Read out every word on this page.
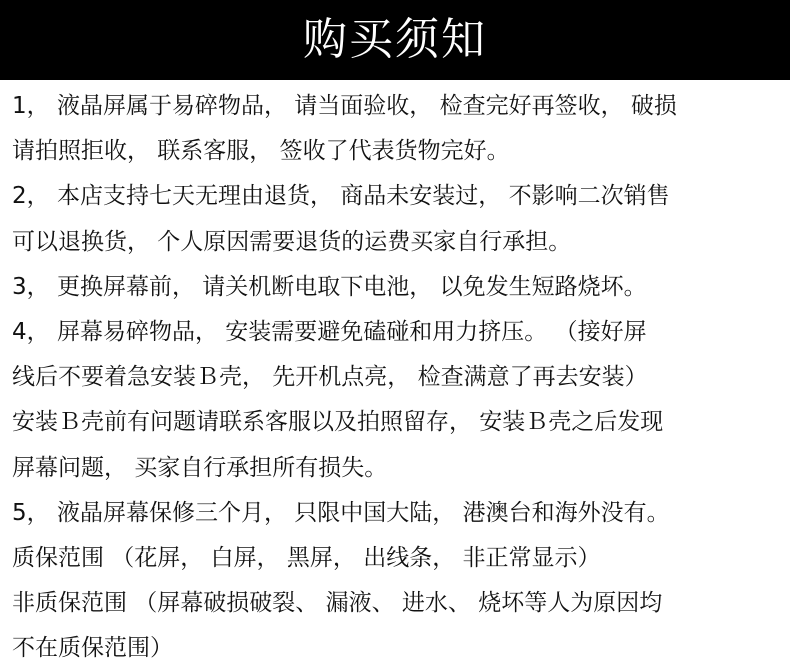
购买须知
1， 液晶屏属于易碎物品， 请当面验收， 检查完好再签收， 破损
请拍照拒收， 联系客服， 签收了代表货物完好。
2， 本店支持七天无理由退货， 商品未安装过， 不影响二次销售
可以退换货， 个人原因需要退货的运费买家自行承担。
3， 更换屏幕前， 请关机断电取下电池， 以免发生短路烧坏。
4， 屏幕易碎物品， 安装需要避免磕碰和用力挤压。 （接好屏
线后不要着急安装Ｂ壳， 先开机点亮， 检查满意了再去安装）
安装Ｂ壳前有问题请联系客服以及拍照留存， 安装Ｂ壳之后发现
屏幕问题， 买家自行承担所有损失。
5， 液晶屏幕保修三个月， 只限中国大陆， 港澳台和海外没有。
质保范围 （花屏， 白屏， 黑屏， 出线条， 非正常显示）
非质保范围 （屏幕破损破裂、 漏液、 进水、 烧坏等人为原因均
不在质保范围）
